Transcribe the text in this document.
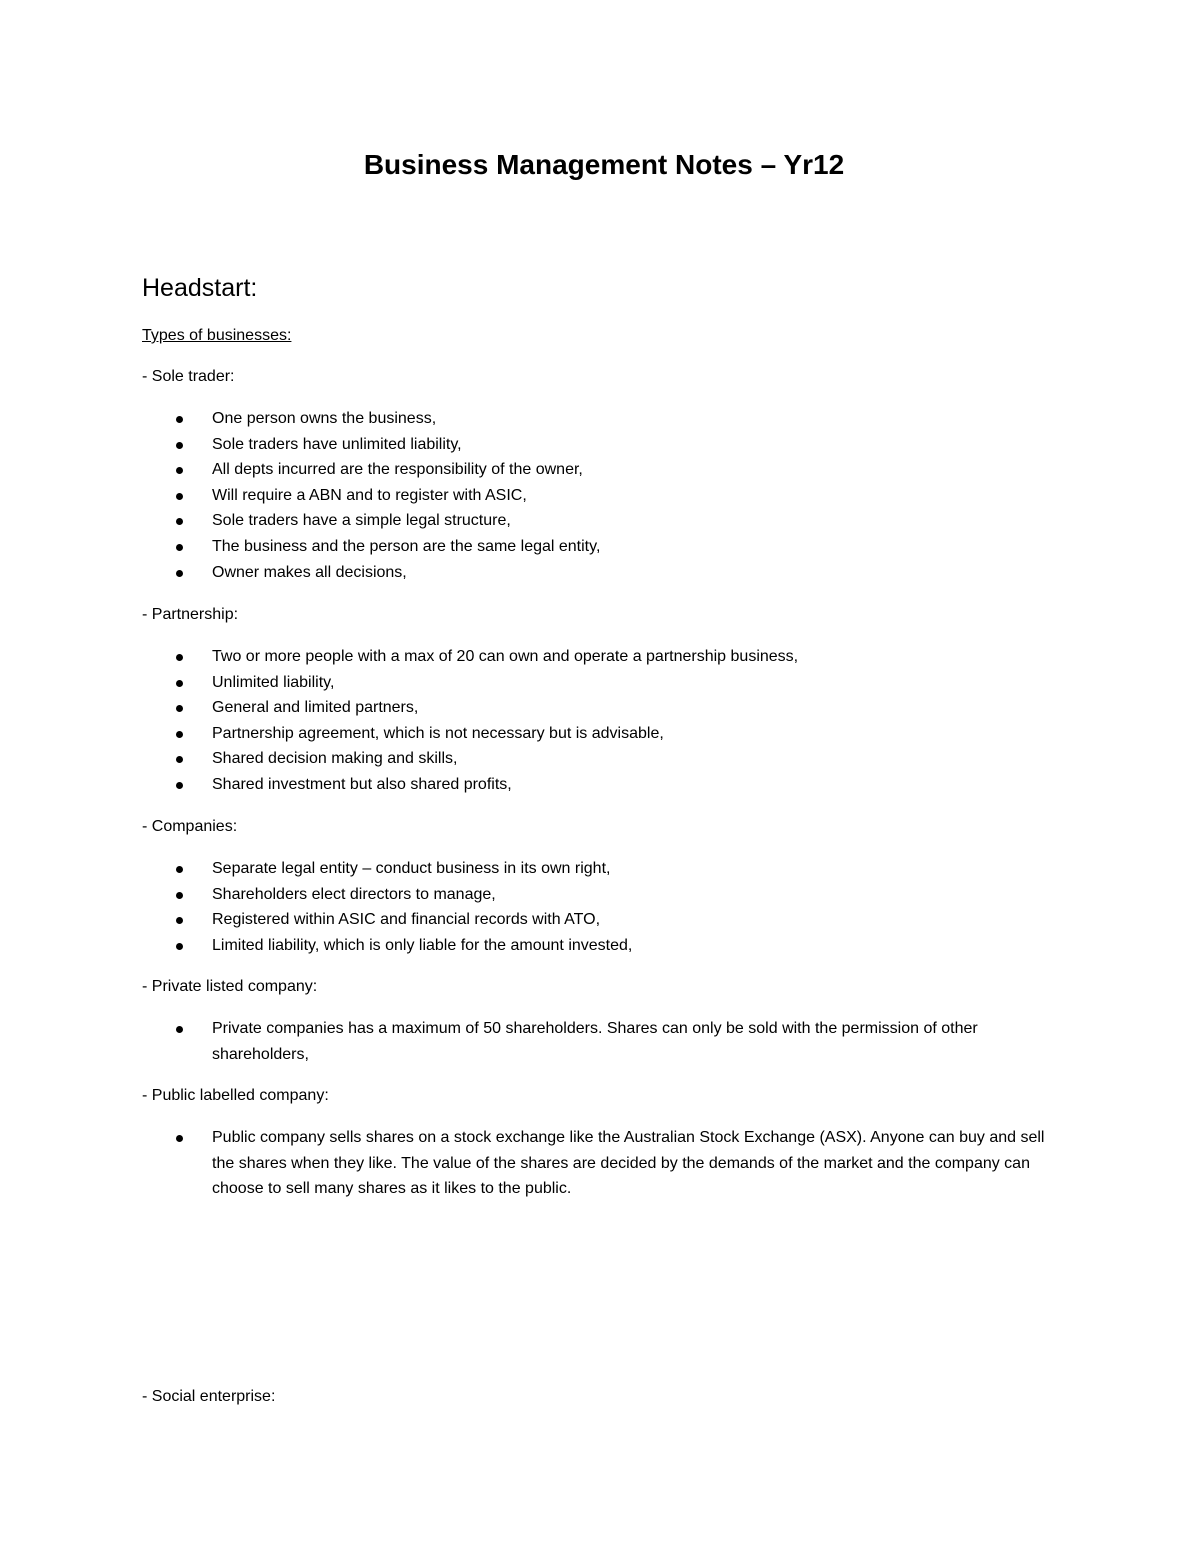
Business Management Notes – Yr12
Headstart:
Types of businesses:
- Sole trader:
One person owns the business,
Sole traders have unlimited liability,
All depts incurred are the responsibility of the owner,
Will require a ABN and to register with ASIC,
Sole traders have a simple legal structure,
The business and the person are the same legal entity,
Owner makes all decisions,
- Partnership:
Two or more people with a max of 20 can own and operate a partnership business,
Unlimited liability,
General and limited partners,
Partnership agreement, which is not necessary but is advisable,
Shared decision making and skills,
Shared investment but also shared profits,
- Companies:
Separate legal entity – conduct business in its own right,
Shareholders elect directors to manage,
Registered within ASIC and financial records with ATO,
Limited liability, which is only liable for the amount invested,
- Private listed company:
Private companies has a maximum of 50 shareholders. Shares can only be sold with the permission of other shareholders,
- Public labelled company:
Public company sells shares on a stock exchange like the Australian Stock Exchange (ASX). Anyone can buy and sell the shares when they like. The value of the shares are decided by the demands of the market and the company can choose to sell many shares as it likes to the public.
- Social enterprise:
